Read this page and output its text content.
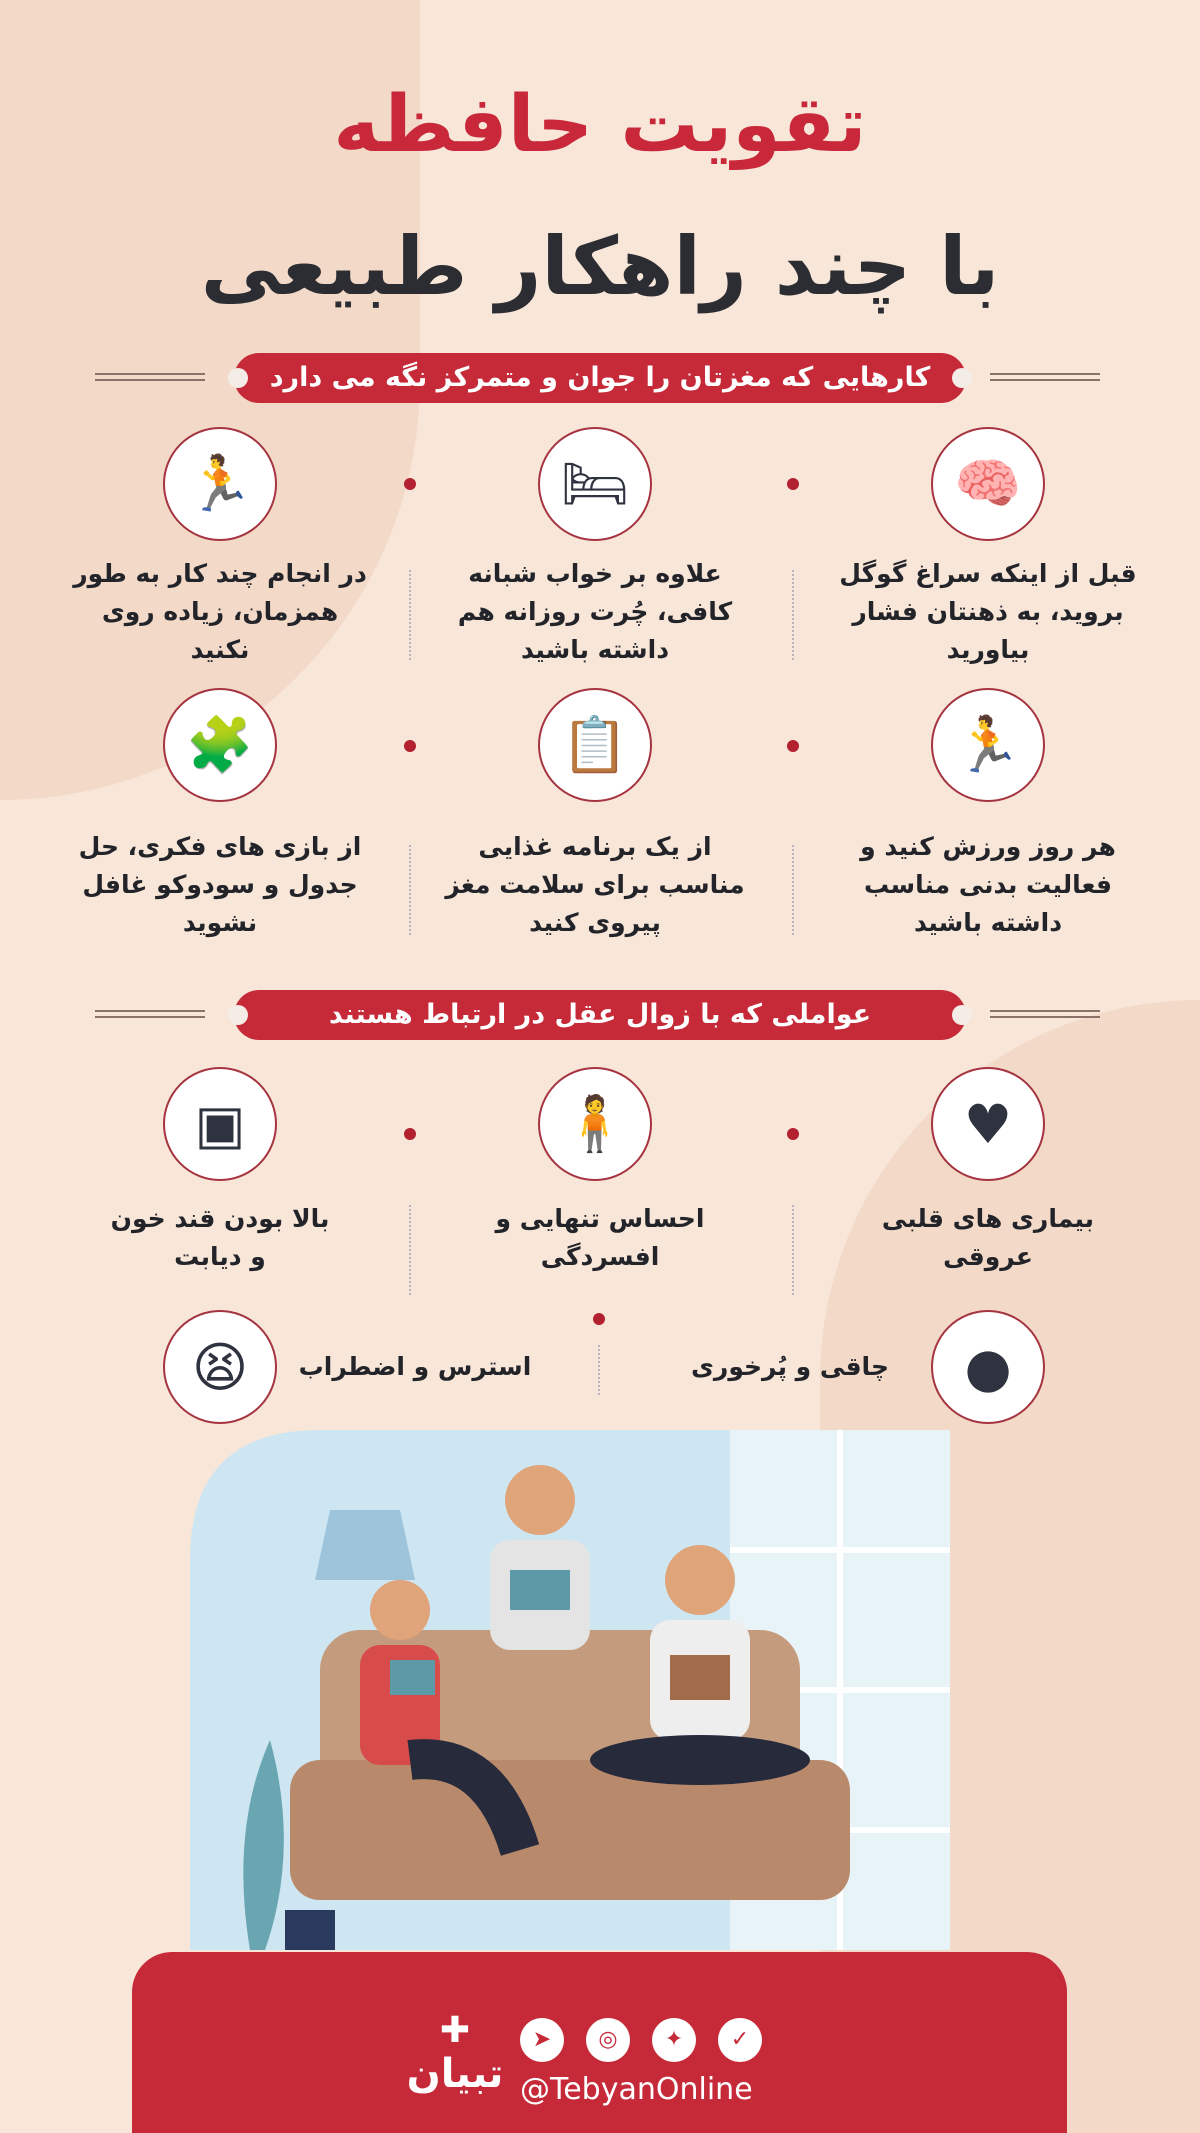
تقویت حافظه
با چند راهکار طبیعی
کارهایی که مغزتان را جوان و متمرکز نگه می دارد
🧠
🛏
🏃
قبل از اینکه سراغ گوگل بروید، به ذهنتان فشار بیاورید
علاوه بر خواب شبانه کافی، چُرت روزانه هم داشته باشید
در انجام چند کار به طور همزمان، زیاده روی نکنید
🏃
📋
🧩
هر روز ورزش کنید و فعالیت بدنی مناسب داشته باشید
از یک برنامه غذایی مناسب برای سلامت مغز پیروی کنید
از بازی های فکری، حل جدول و سودوکو غافل نشوید
عواملی که با زوال عقل در ارتباط هستند
♥
🧍
▣
بیماری های قلبی عروقی
احساس تنهایی و افسردگی
بالا بودن قند خون و دیابت
●
😫	چاقی و پُرخوری
استرس و اضطراب
✚
تبیان
➤	◎	✦	✓
@TebyanOnline
